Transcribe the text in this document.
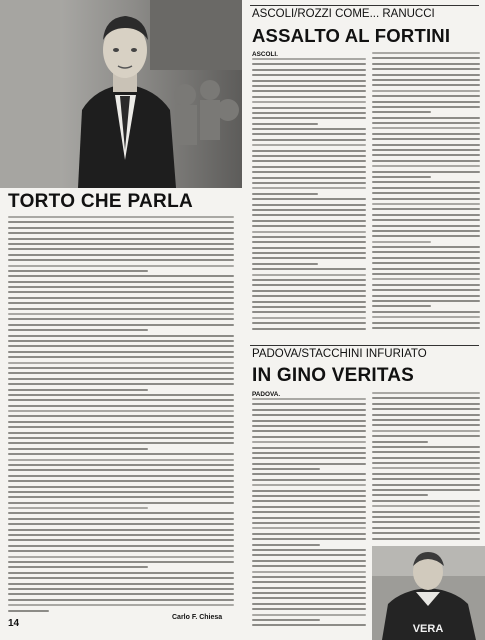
TORTO CHE PARLA

Carlo F. Chiesa

14

ASCOLI/ROZZI COME... RANUCCI

ASSALTO AL FORTINI

ASCOLI.

PADOVA/STACCHINI INFURIATO

IN GINO VERITAS

PADOVA.

VERA
